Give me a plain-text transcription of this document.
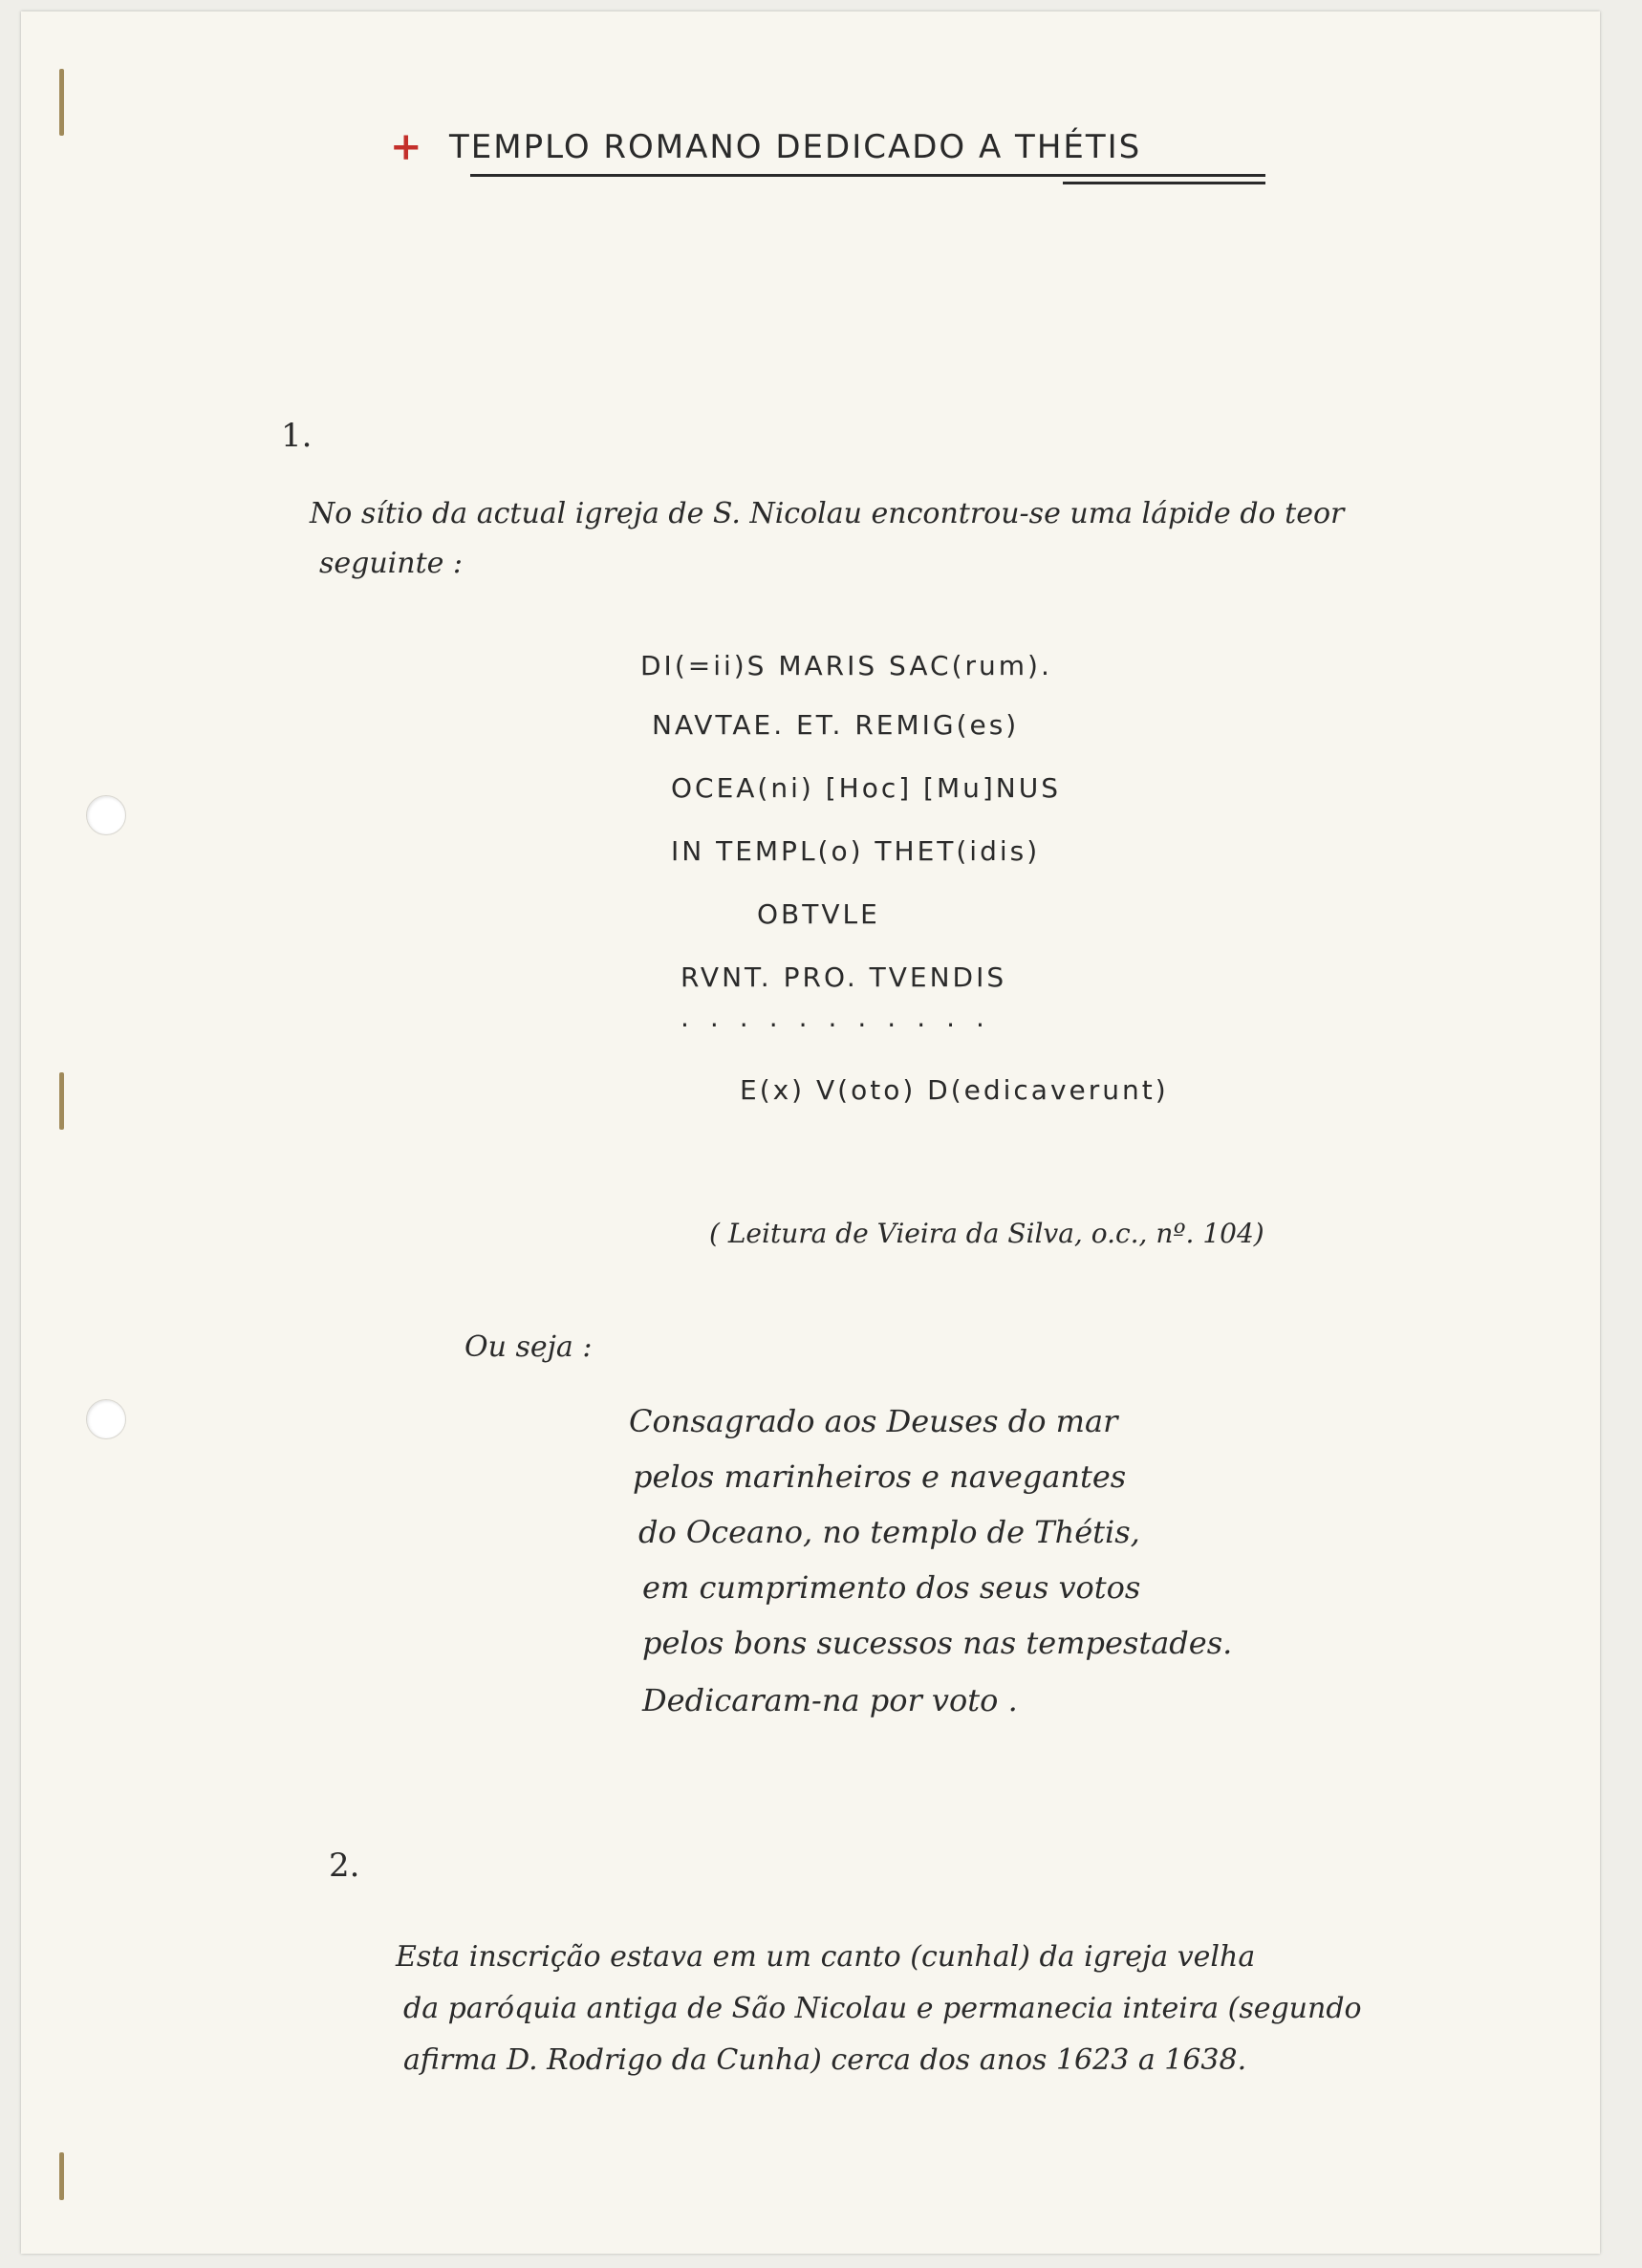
+ TEMPLO ROMANO DEDICADO A THÉTIS
1.
No sítio da actual igreja de S. Nicolau encontrou-se uma lápide do teor
seguinte :
DI(=ii)S MARIS SAC(rum).
NAVTAE. ET. REMIG(es)
OCEA(ni) [Hoc] [Mu]NUS
IN TEMPL(o) THET(idis)
OBTVLE
RVNT. PRO. TVENDIS
...........
E(x) V(oto) D(edicaverunt)
( Leitura de Vieira da Silva, o.c., nº. 104)
Ou seja :
Consagrado aos Deuses do mar
pelos marinheiros e navegantes
do Oceano, no templo de Thétis,
em cumprimento dos seus votos
pelos bons sucessos nas tempestades.
Dedicaram-na por voto .
2.
Esta inscrição estava em um canto (cunhal) da igreja velha
da paróquia antiga de São Nicolau e permanecia inteira (segundo
afirma D. Rodrigo da Cunha) cerca dos anos 1623 a 1638.
